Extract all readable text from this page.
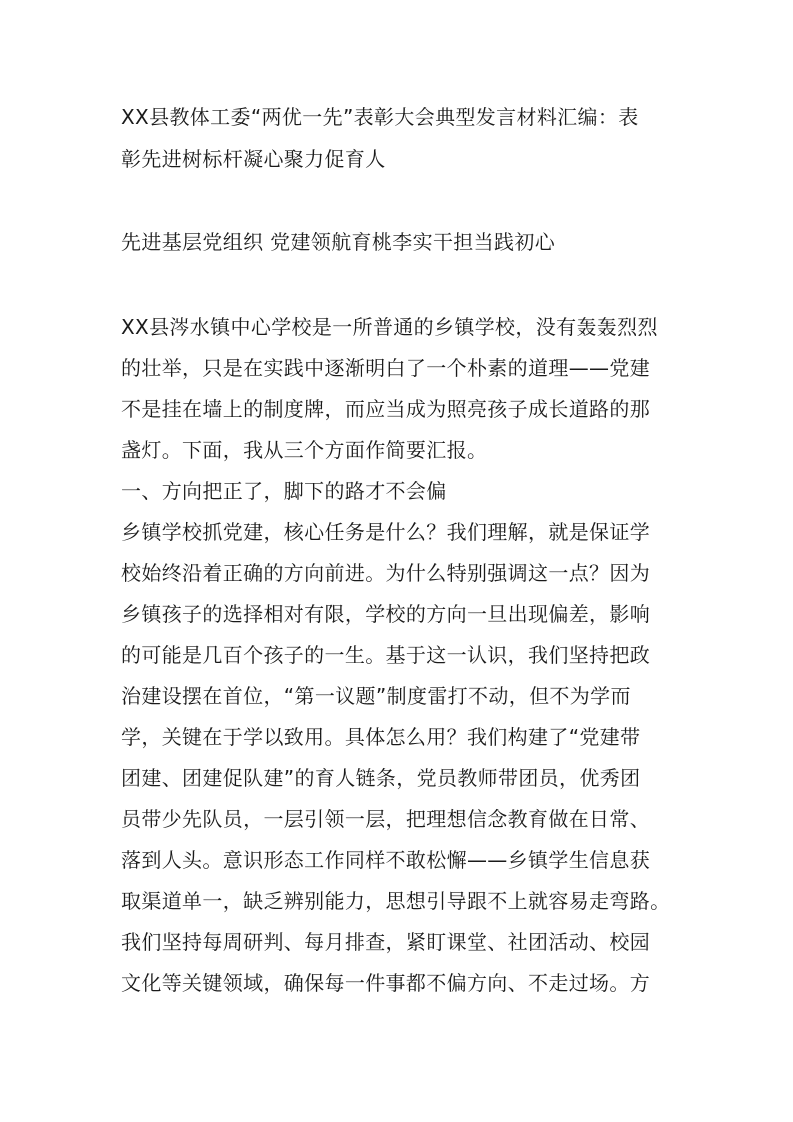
XX县教体工委“两优一先”表彰大会典型发言材料汇编：表
彰先进树标杆凝心聚力促育人
先进基层党组织 党建领航育桃李实干担当践初心
XX县涔水镇中心学校是一所普通的乡镇学校，没有轰轰烈烈
的壮举，只是在实践中逐渐明白了一个朴素的道理——党建
不是挂在墙上的制度牌，而应当成为照亮孩子成长道路的那
盏灯。下面，我从三个方面作简要汇报。
一、方向把正了，脚下的路才不会偏
乡镇学校抓党建，核心任务是什么？我们理解，就是保证学
校始终沿着正确的方向前进。为什么特别强调这一点？因为
乡镇孩子的选择相对有限，学校的方向一旦出现偏差，影响
的可能是几百个孩子的一生。基于这一认识，我们坚持把政
治建设摆在首位，“第一议题”制度雷打不动，但不为学而
学，关键在于学以致用。具体怎么用？我们构建了“党建带
团建、团建促队建”的育人链条，党员教师带团员，优秀团
员带少先队员，一层引领一层，把理想信念教育做在日常、
落到人头。意识形态工作同样不敢松懈——乡镇学生信息获
取渠道单一，缺乏辨别能力，思想引导跟不上就容易走弯路。
我们坚持每周研判、每月排查，紧盯课堂、社团活动、校园
文化等关键领域，确保每一件事都不偏方向、不走过场。方
